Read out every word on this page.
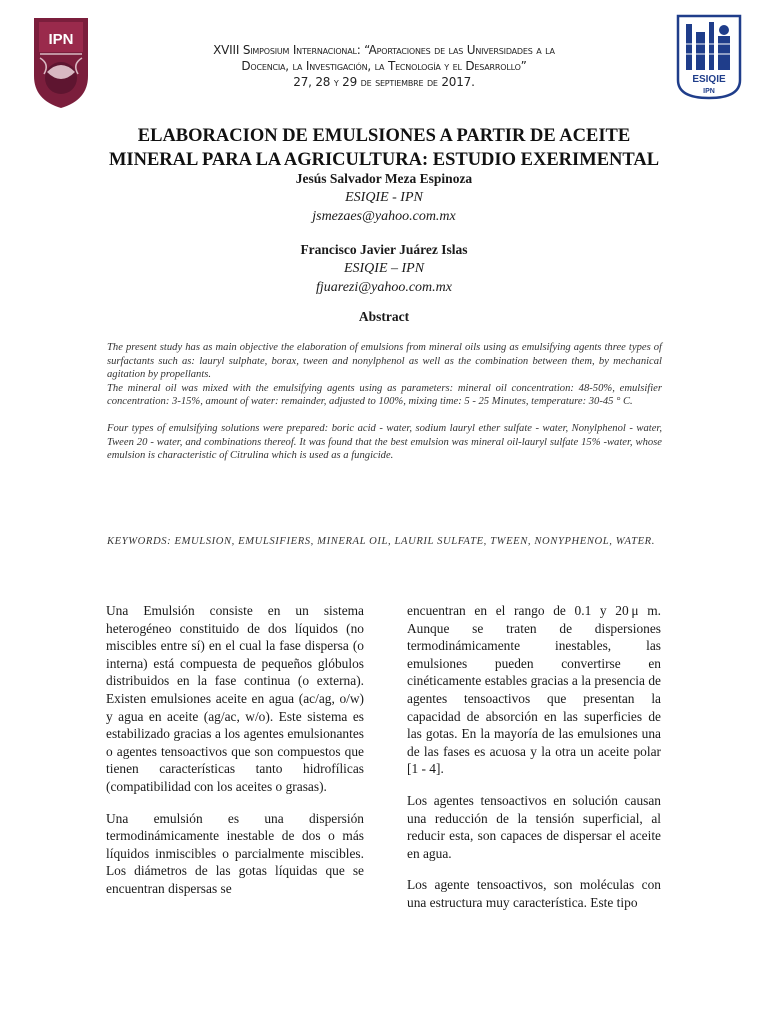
IPN
ESIQIE
IPN
XVIII Simposium Internacional: “Aportaciones de las Universidades a la
Docencia, la Investigación, la Tecnología y el Desarrollo”
27, 28 y 29 de septiembre de 2017.
ELABORACION DE EMULSIONES A PARTIR DE ACEITE
MINERAL PARA LA AGRICULTURA: ESTUDIO EXERIMENTAL
Jesús Salvador Meza Espinoza
ESIQIE - IPN
jsmezaes@yahoo.com.mx
Francisco Javier Juárez Islas
ESIQIE – IPN
fjuarezi@yahoo.com.mx
Abstract

The present study has as main objective the elaboration of emulsions from mineral oils using as emulsifying agents three types of surfactants such as: lauryl sulphate, borax, tween and nonylphenol as well as the combination between them, by mechanical agitation by propellants.

The mineral oil was mixed with the emulsifying agents using as parameters: mineral oil concentration: 48-50%, emulsifier concentration: 3-15%, amount of water: remainder, adjusted to 100%, mixing time: 5 - 25 Minutes, temperature: 30-45 ° C.

Four types of emulsifying solutions were prepared: boric acid - water, sodium lauryl ether sulfate - water, Nonylphenol - water, Tween 20 - water, and combinations thereof. It was found that the best emulsion was mineral oil-lauryl sulfate 15% -water, whose emulsion is characteristic of Citrulina which is used as a fungicide.

KEYWORDS: EMULSION, EMULSIFIERS, MINERAL OIL, LAURIL SULFATE, TWEEN, NONYPHENOL, WATER.

Una Emulsión consiste en un sistema heterogéneo constituido de dos líquidos (no miscibles entre sí) en el cual la fase dispersa (o interna) está compuesta de pequeños glóbulos distribuidos en la fase continua (o externa). Existen emulsiones aceite en agua (ac/ag, o/w) y agua en aceite (ag/ac, w/o). Este sistema es estabilizado gracias a los agentes emulsionantes o agentes tensoactivos que son compuestos que tienen características tanto hidrofílicas (compatibilidad con los aceites o grasas).

Una emulsión es una dispersión termodinámicamente inestable de dos o más líquidos inmiscibles o parcialmente miscibles. Los diámetros de las gotas líquidas que se encuentran dispersas se

encuentran en el rango de 0.1 y 20 μ m. Aunque se traten de dispersiones termodinámicamente inestables, las emulsiones pueden convertirse en cinéticamente estables gracias a la presencia de agentes tensoactivos que presentan la capacidad de absorción en las superficies de las gotas. En la mayoría de las emulsiones una de las fases es acuosa y la otra un aceite polar [1 - 4].

Los agentes tensoactivos en solución causan una reducción de la tensión superficial, al reducir esta, son capaces de dispersar el aceite en agua.

Los agente tensoactivos, son moléculas con una estructura muy característica. Este tipo
